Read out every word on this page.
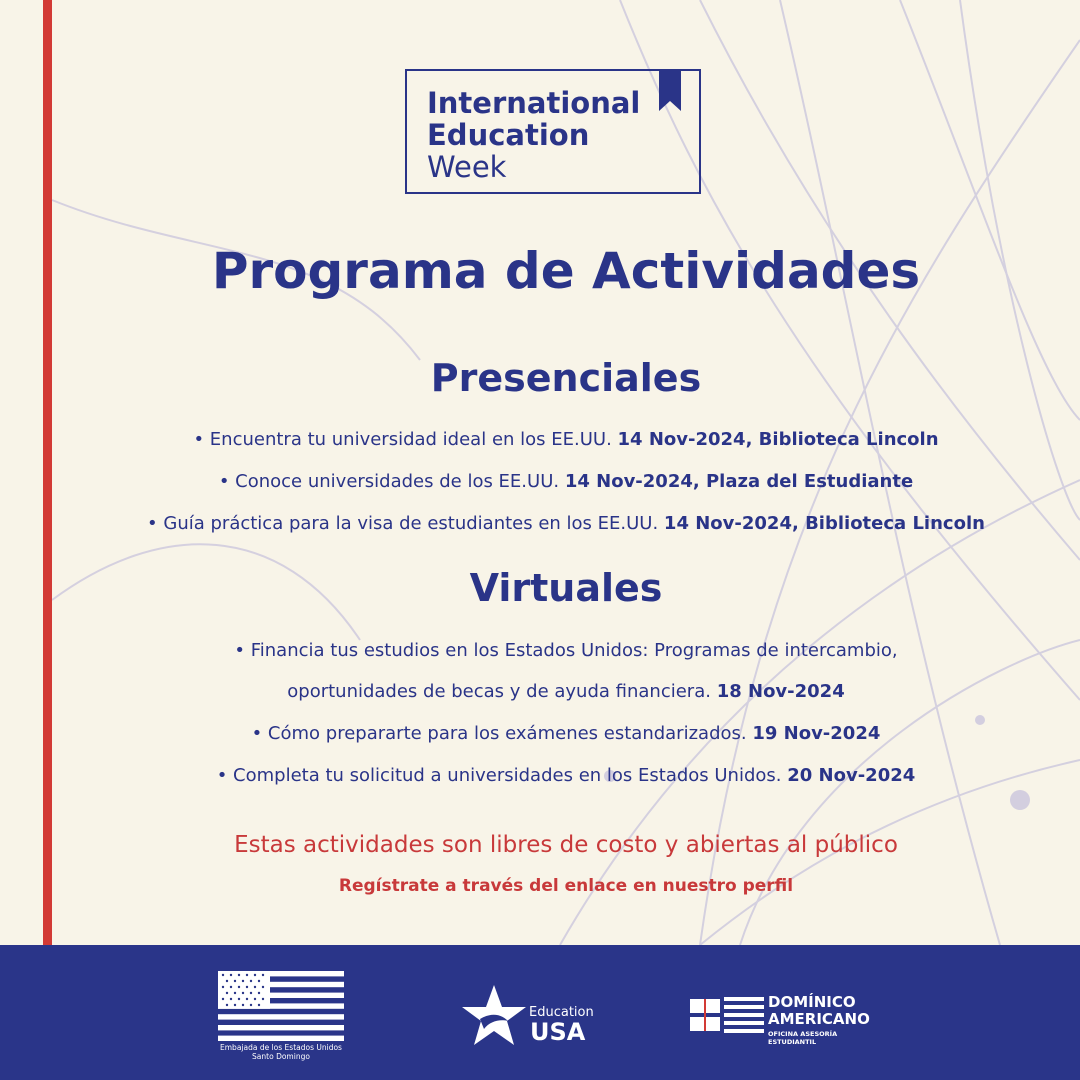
International
Education
Week
Programa de Actividades
Presenciales
• Encuentra tu universidad ideal en los EE.UU. 14 Nov-2024, Biblioteca Lincoln
• Conoce universidades de los EE.UU. 14 Nov-2024, Plaza del Estudiante
• Guía práctica para la visa de estudiantes en los EE.UU. 14 Nov-2024, Biblioteca Lincoln
Virtuales
• Financia tus estudios en los Estados Unidos: Programas de intercambio,
oportunidades de becas y de ayuda financiera. 18 Nov-2024
• Cómo prepararte para los exámenes estandarizados. 19 Nov-2024
• Completa tu solicitud a universidades en los Estados Unidos. 20 Nov-2024
Estas actividades son libres de costo y abiertas al público
Regístrate a través del enlace en nuestro perfil
Embajada de los Estados Unidos
Santo Domingo
Education
USA
DOMÍNICO
AMERICANO
OFICINA ASESORÍA
ESTUDIANTIL
